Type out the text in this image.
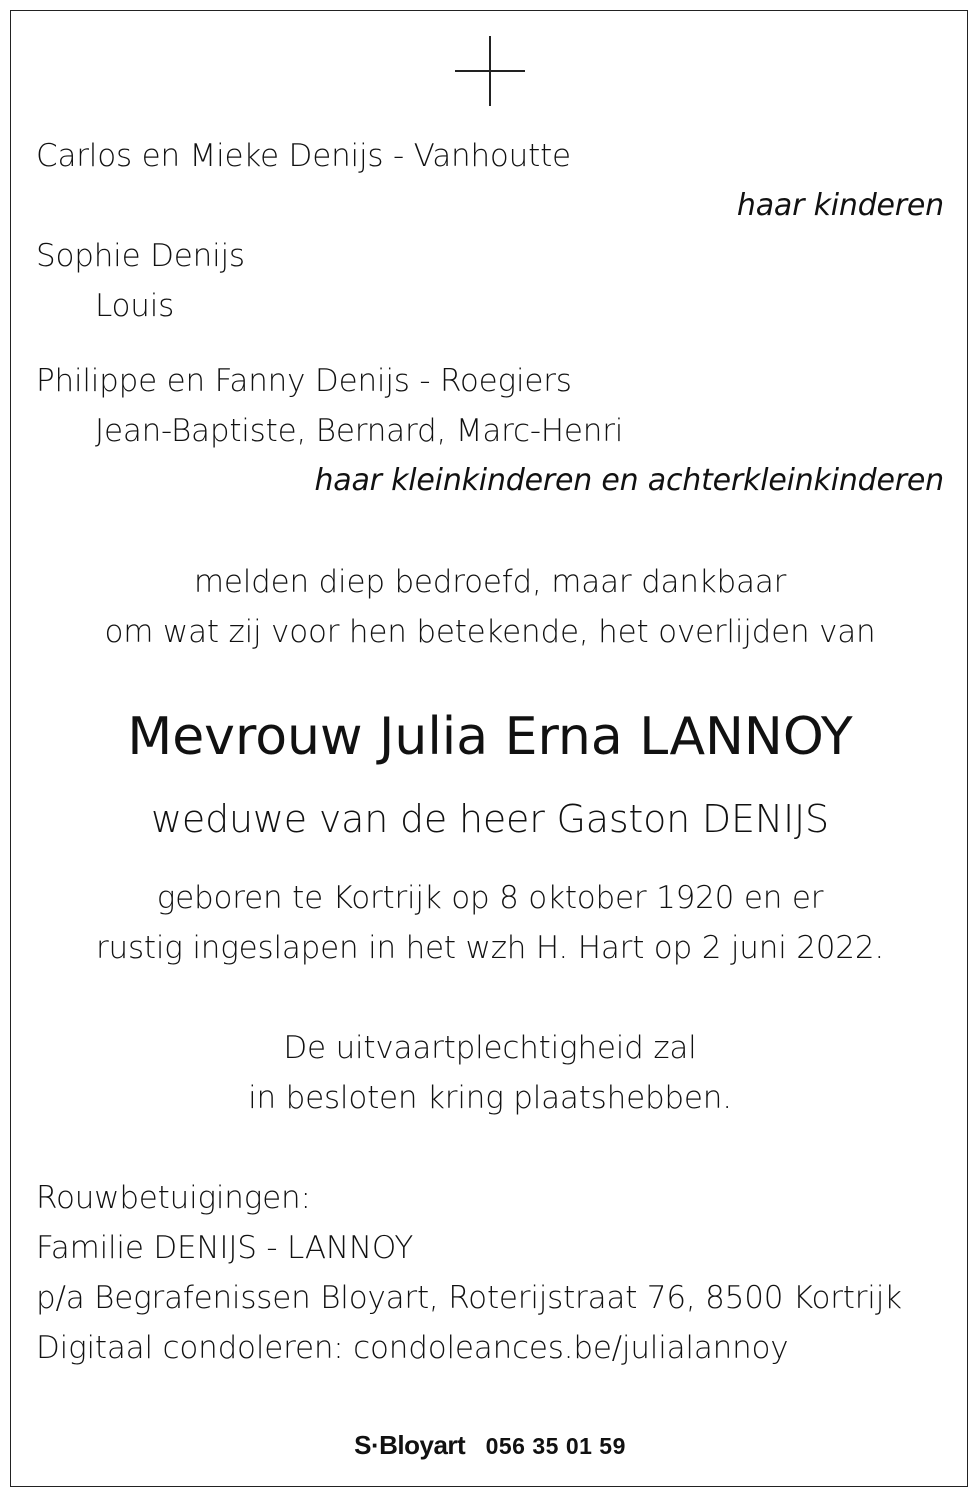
Carlos en Mieke Denijs - Vanhoutte
haar kinderen
Sophie Denijs
Louis
Philippe en Fanny Denijs - Roegiers
Jean-Baptiste, Bernard, Marc-Henri
haar kleinkinderen en achterkleinkinderen
melden diep bedroefd, maar dankbaar
om wat zij voor hen betekende, het overlijden van
Mevrouw Julia Erna LANNOY
weduwe van de heer Gaston DENIJS
geboren te Kortrijk op 8 oktober 1920 en er
rustig ingeslapen in het wzh H. Hart op 2 juni 2022.
De uitvaartplechtigheid zal
in besloten kring plaatshebben.
Rouwbetuigingen:
Familie DENIJS - LANNOY
p/a Begrafenissen Bloyart, Roterijstraat 76, 8500 Kortrijk
Digitaal condoleren: condoleances.be/julialannoy
S·Bloyart 056 35 01 59
